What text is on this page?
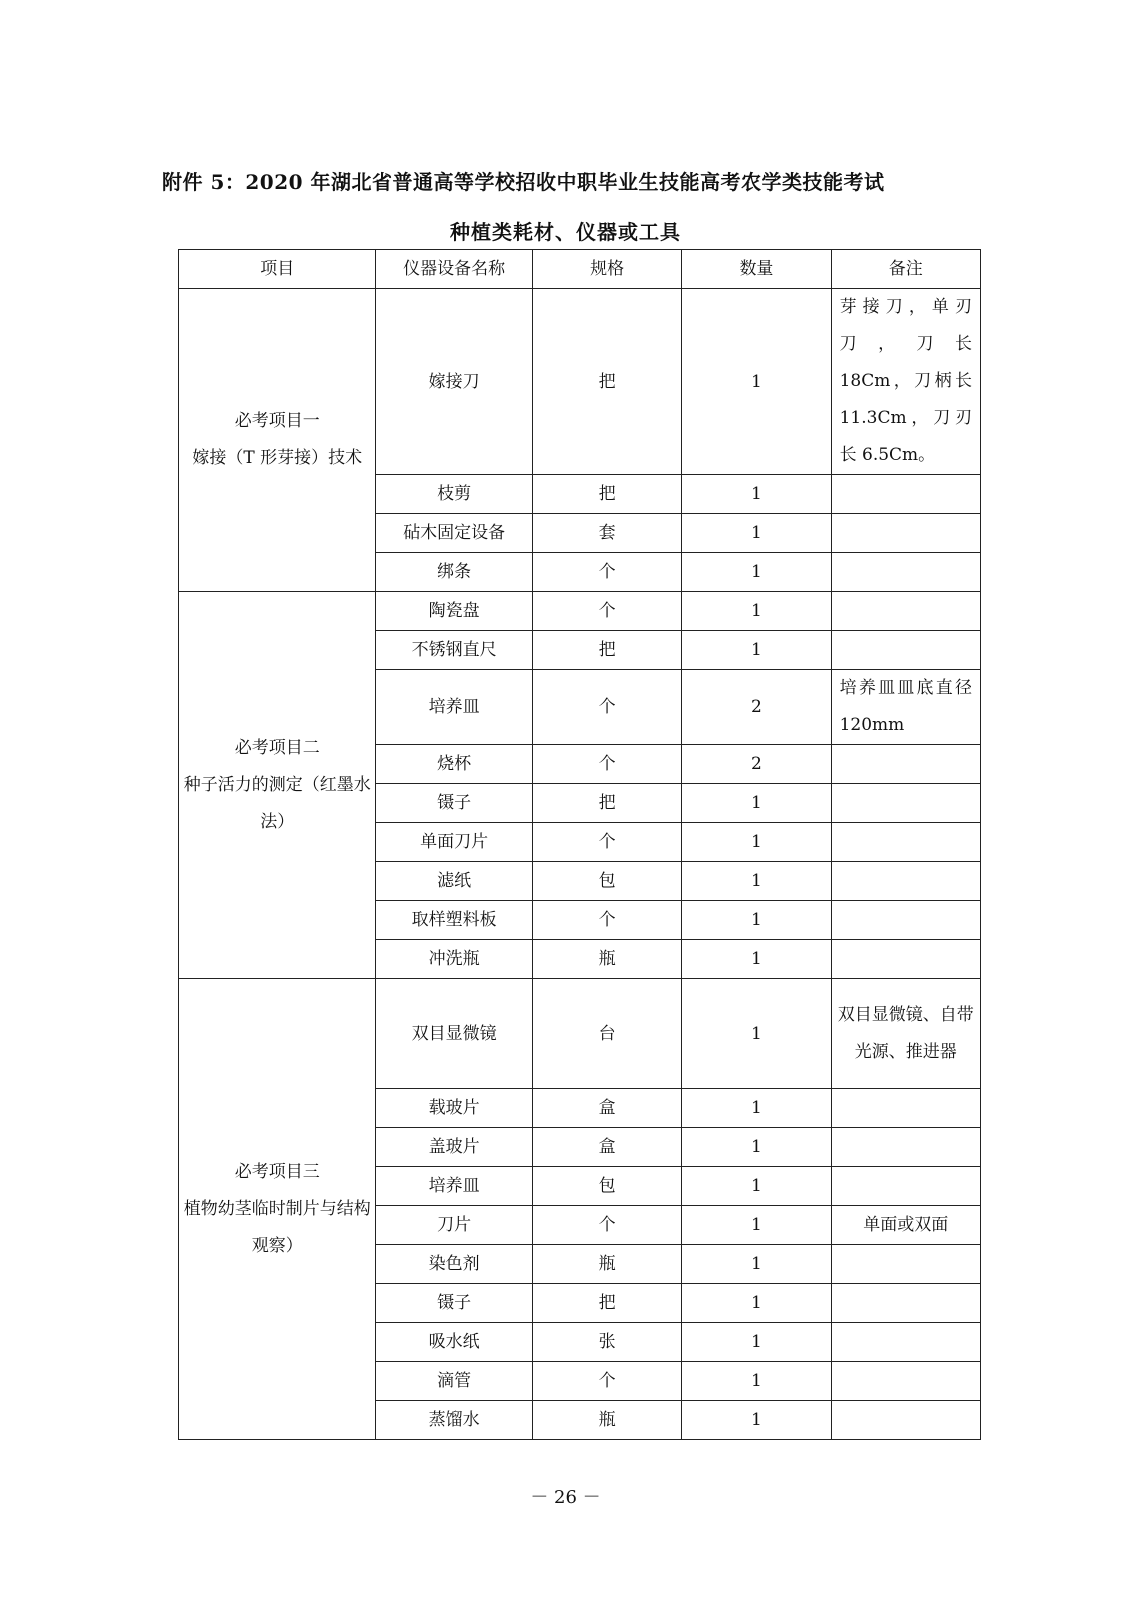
附件 5：2020 年湖北省普通高等学校招收中职毕业生技能高考农学类技能考试
种植类耗材、仪器或工具
项目	仪器设备名称	规格	数量	备注
必考项目一
嫁接（T 形芽接）技术	嫁接刀	把	1	芽接刀，单刃刀，刀长 18Cm，刀柄长 11.3Cm，刀刃长 6.5Cm。
	枝剪	把	1	
	砧木固定设备	套	1	
	绑条	个	1	
必考项目二
种子活力的测定（红墨水法）	陶瓷盘	个	1	
	不锈钢直尺	把	1	
	培养皿	个	2	培养皿皿底直径 120mm
	烧杯	个	2	
	镊子	把	1	
	单面刀片	个	1	
	滤纸	包	1	
	取样塑料板	个	1	
	冲洗瓶	瓶	1	
必考项目三
植物幼茎临时制片与结构观察）	双目显微镜	台	1	双目显微镜、自带光源、推进器
	载玻片	盒	1	
	盖玻片	盒	1	
	培养皿	包	1	
	刀片	个	1	单面或双面
	染色剂	瓶	1	
	镊子	把	1	
	吸水纸	张	1	
	滴管	个	1	
	蒸馏水	瓶	1	
－ 26 －
